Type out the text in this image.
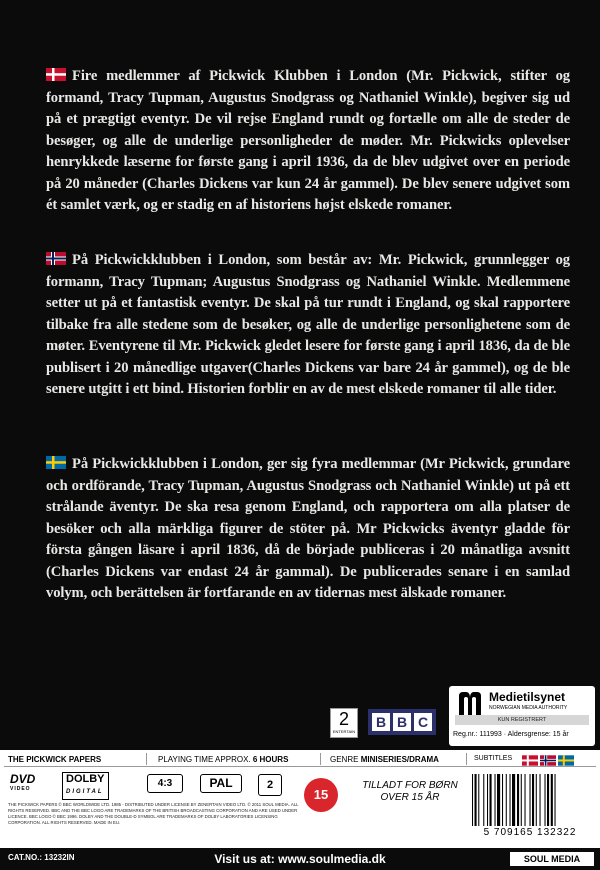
Fire medlemmer af Pickwick Klubben i London (Mr. Pickwick, stifter og formand, Tracy Tupman, Augustus Snodgrass og Nathaniel Winkle), begiver sig ud på et prægtigt eventyr. De vil rejse England rundt og fortælle om alle de steder de besøger, og alle de underlige personligheder de møder. Mr. Pickwicks oplevelser henrykkede læserne for første gang i april 1936, da de blev udgivet over en periode på 20 måneder (Charles Dickens var kun 24 år gammel). De blev senere udgivet som ét samlet værk, og er stadig en af historiens højst elskede romaner.
På Pickwickklubben i London, som består av: Mr. Pickwick, grunnlegger og formann, Tracy Tupman; Augustus Snodgrass og Nathaniel Winkle. Medlemmene setter ut på et fantastisk eventyr. De skal på tur rundt i England, og skal rapportere tilbake fra alle stedene som de besøker, og alle de underlige personlighetene som de møter. Eventyrene til Mr. Pickwick gledet lesere for første gang i april 1836, da de ble publisert i 20 månedlige utgaver(Charles Dickens var bare 24 år gammel), og de ble senere utgitt i ett bind. Historien forblir en av de mest elskede romaner til alle tider.
På Pickwickklubben i London, ger sig fyra medlemmar (Mr Pickwick, grundare och ordförande, Tracy Tupman, Augustus Snodgrass och Nathaniel Winkle) ut på ett strålande äventyr. De ska resa genom England, och rapportera om alla platser de besöker och alla märkliga figurer de stöter på. Mr Pickwicks äventyr gladde för första gången läsare i april 1836, då de började publiceras i 20 månatliga avsnitt (Charles Dickens var endast 24 år gammal). De publicerades senare i en samlad volym, och berättelsen är fortfarande en av tidernas mest älskade romaner.
2
ENTERTAIN
B B C
Medietilsynet
NORWEGIAN MEDIA AUTHORITY
KUN REGISTRERT
Reg.nr.: 111993 · Aldersgrense: 15 år
THE PICKWICK PAPERS	PLAYING TIME APPROX. 6 HOURS	GENRE MINISERIES/DRAMA	SUBTITLES
DVD
VIDEO
DOLBY
DIGITAL
4:3	PAL	2
15
TILLADT FOR BØRN OVER 15 ÅR
THE PICKWICK PAPERS © BBC WORLDWIDE LTD. 1985 - DISTRIBUTED UNDER LICENSE BY ZENERTAIN VIDEO LTD. © 2011 SOUL MEDIA. ALL RIGHTS RESERVED. BBC AND THE BBC LOGO ARE TRADEMARKS OF THE BRITISH BROADCASTING CORPORATION AND ARE USED UNDER LICENCE. BBC LOGO © BBC 1996. DOLBY AND THE DOUBLE-D SYMBOL ARE TRADEMARKS OF DOLBY LABORATORIES LICENSING CORPORATION. ALL RIGHTS RESERVED. MADE IN EU.
5 709165 132322
CAT.NO.: 13232IN	Visit us at: www.soulmedia.dk	SOUL MEDIA
